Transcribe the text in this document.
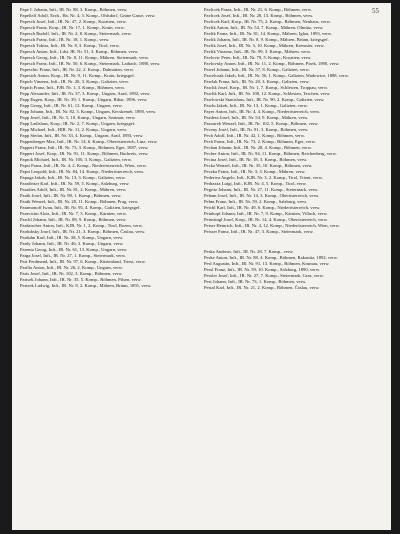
55

Pape I. Johann, Inft., IR. Nr. 88, 3. Komp., Böhmen, verw.

Papeltelf Adolf, Erzh., Ha. Nr. 4, 3. Komp., Ohlsdorf, Grüne Gasse, verw.

Papesch Josef, Inft., IR. Nr. 47, 2. Komp., Kroatien, verw.

Papesch Franz, Korp., IR. Nr. 17, 1. Komp., Krain, verw.

Papesch Rudolf, Inft., IR. Nr. 2, 8. Komp., Steiermark, verw.

Papesch Franz, Inft., IR. Nr. 18, 1. Komp., verw.

Papesch Tobias, Inft., IR. Nr. 8, 3. Komp., Tirol, verw.

Papesch Anton, Inft., Ldst. IR. Nr. 51, 3. Komp., Böhmen, verw.

Papesch Georg, Inft., IR. Nr. 8, 11. Komp., Mähren, Steiermark, verw.

Papesch Franz, Inft., IR. Nr. 50, 6. Komp., Steiermark, Laibach, 1888, verw.

Papeschic Franz, Inft., IR. Nr. 22, 2. Komp., Dalmatien, verw.

Papesich Anton, Korp., IR. Nr. 9, 11. Komp., Krain, kriegsgef.

Papich Vinzenz, Inft., IR. Nr. 20, 3. Komp., Galizien, verw.

Papich Franz, Inft., FJB. Nr. 1, 3. Komp., Böhmen, verw.

Papp Alexander, Inft., IR. Nr. 37, 3. Komp., Ungarn, Arad, 1892, verw.

Papp Eugen, Korp., IR. Nr. 39, 1. Komp., Ungarn, Bihar, 1896, verw.

Papp Georg, Inft., IR. Nr. 61, 12. Komp., Ungarn, verw.

Papp Johann, Inft., IR. Nr. 82, 3. Komp., Ungarn, Kecskemét, 1890, verw.

Papp Josef, Inft., IR. Nr. 5, 10. Komp., Ungarn, Szatmár, verw.

Papp Ladislaus, Korp., IR. Nr. 2, 7. Komp., Ungarn, kriegsgef.

Papp Michael, Inft., HIR. Nr. 11, 2. Komp., Ungarn, verw.

Papp Stefan, Inft., IR. Nr. 33, 4. Komp., Ungarn, Arad, 1893, verw.

Pappenberger Max, Inft., IR. Nr. 14, 6. Komp., Oberösterreich, Linz, verw.

Pappert Franz, Inft., IR. Nr. 73, 3. Komp., Böhmen, Eger, 1887, verw.

Pappert Josef, Korp., IR. Nr. 91, 11. Komp., Böhmen, Budweis, verw.

Paprok Michael, Inft., IR. Nr. 100, 3. Komp., Galizien, verw.

Papst Franz, Inft., IR. Nr. 4, 2. Komp., Niederösterreich, Wien, verw.

Papst Leopold, Inft., IR. Nr. 84, 14. Komp., Niederösterreich, verw.

Papuga Jakob, Inft., IR. Nr. 13, 3. Komp., Galizien, verw.

Paradeiser Karl, Inft., IR. Nr. 59, 5. Komp., Salzburg, verw.

Paradies Adolf, Inft., IR. Nr. 81, 2. Komp., Mähren, verw.

Parák Josef, Inft., IR. Nr. 98, 1. Komp., Böhmen, verw.

Parák Wenzel, Inft., IR. Nr. 28, 11. Komp., Böhmen, Prag, verw.

Paramonoff Iwan, Inft., IR. Nr. 95, 4. Komp., Galizien, kriegsgef.

Paravicini Alois, Inft., IR. Nr. 7, 3. Komp., Kärnten, verw.

Parchl Johann, Inft., IR. Nr. 88, 9. Komp., Böhmen, verw.

Pardatscher Anton, Inft., KJR. Nr. 1, 2. Komp., Tirol, Bozen, verw.

Pardubsky Josef, Inft., IR. Nr. 21, 3. Komp., Böhmen, Časlau, verw.

Parduhn Karl, Inft., IR. Nr. 38, 5. Komp., Ungarn, verw.

Pardy Johann, Inft., IR. Nr. 46, 3. Komp., Ungarn, verw.

Parenta Georg, Inft., IR. Nr. 61, 13. Komp., Ungarn, verw.

Parga Josef, Inft., IR. Nr. 27, 1. Komp., Steiermark, verw.

Pari Ferdinand, Inft., IR. Nr. 97, 6. Komp., Küstenland, Triest, verw.

Parilla Anton, Inft., IR. Nr. 26, 2. Komp., Ungarn, verw.

Paris Josef, Inft., IR. Nr. 102, 3. Komp., Böhmen, verw.

Parisek Johann, Inft., IR. Nr. 35, 5. Komp., Böhmen, Pilsen, verw.

Parizek Ludwig, Inft., IR. Nr. 8, 2. Komp., Mähren, Brünn, 1891, verw.

Pavlicek Franz, Inft., IR. Nr. 21, 6. Komp., Böhmen, verw.

Pavlicek Josef, Inft., IR. Nr. 28, 13. Komp., Böhmen, verw.

Pavlicek Karl, Korp., IR. Nr. 75, 2. Komp., Böhmen, Neuhaus, verw.

Pavlik Anton, Inft., IR. Nr. 54, 7. Komp., Mähren, Olmütz, verw.

Pavlik Franz, Inft., IR. Nr. 81, 14. Komp., Mähren, Iglau, 1893, verw.

Pavlik Johann, Inft., IR. Nr. 8, 9. Komp., Mähren, Brünn, kriegsgef.

Pavlik Josef, Inft., IR. Nr. 3, 10. Komp., Mähren, Kremsier, verw.

Pavlik Vinzenz, Inft., IR. Nr. 99, 3. Komp., Mähren, verw.

Pavlovic Peter, Inft., IR. Nr. 79, 5. Komp., Kroatien, verw.

Pavlovsky Anton, Inft., IR. Nr. 11, 2. Komp., Böhmen, Pisek, 1890, verw.

Pawel Johann, Inft., IR. Nr. 57, 8. Komp., Galizien, verw.

Pawelczak Jakob, Inft., IR. Nr. 56, 1. Komp., Galizien, Wadowice, 1888, verw.

Pawlak Franz, Inft., IR. Nr. 20, 3. Komp., Galizien, verw.

Pawlik Josef, Korp., IR. Nr. 1, 7. Komp., Schlesien, Troppau, verw.

Pawlik Karl, Inft., IR. Nr. 100, 12. Komp., Schlesien, Teschen, verw.

Pawlowski Stanislaus, Inft., IR. Nr. 90, 2. Komp., Galizien, verw.

Pawlu Jakob, Inft., IR. Nr. 13, 1. Komp., Galizien, verw.

Payer Anton, Inft., IR. Nr. 4, 4. Komp., Niederösterreich, verw.

Pazdera Josef, Inft., IR. Nr. 54, 9. Komp., Mähren, verw.

Pazourek Wenzel, Inft., IR. Nr. 102, 5. Komp., Böhmen, verw.

Peceny Josef, Inft., IR. Nr. 91, 3. Komp., Böhmen, verw.

Pech Adolf, Inft., IR. Nr. 42, 1. Komp., Böhmen, verw.

Pech Franz, Inft., IR. Nr. 73, 2. Komp., Böhmen, Eger, verw.

Pechan Johann, Inft., IR. Nr. 28, 4. Komp., Böhmen, verw.

Pecher Anton, Inft., IR. Nr. 94, 11. Komp., Böhmen, Reichenberg, verw.

Pecina Josef, Inft., IR. Nr. 18, 3. Komp., Böhmen, verw.

Pecka Wenzel, Inft., IR. Nr. 35, 10. Komp., Böhmen, verw.

Peczka Franz, Inft., IR. Nr. 3, 3. Komp., Mähren, verw.

Pederiva Angelo, Inft., KJR. Nr. 3, 2. Komp., Tirol, Trient, verw.

Pedrazza Luigi, Inft., KJR. Nr. 4, 5. Komp., Tirol, verw.

Pegritz Johann, Inft., IR. Nr. 27, 11. Komp., Steiermark, verw.

Peham Josef, Inft., IR. Nr. 14, 3. Komp., Oberösterreich, verw.

Pehm Franz, Inft., IR. Nr. 59, 2. Komp., Salzburg, verw.

Peichl Karl, Inft., IR. Nr. 49, 6. Komp., Niederösterreich, verw.

Peinhopf Johann, Inft., IR. Nr. 7, 9. Komp., Kärnten, Villach, verw.

Peinstingl Josef, Korp., IR. Nr. 14, 4. Komp., Oberösterreich, verw.

Peiser Heinrich, Inft., IR. Nr. 4, 12. Komp., Niederösterreich, Wien, verw.

Peisser Franz, Inft., IR. Nr. 47, 3. Komp., Steiermark, verw.

Peska Andreas, Inft., IR. Nr. 28, 7. Komp., verw.

Peske Anton, Inft., IR. Nr. 88, 4. Komp., Böhmen, Rakonitz, 1892, verw.

Pesl Augustin, Inft., IR. Nr. 91, 13. Komp., Böhmen, Krumau, verw.

Pessl Franz, Inft., IR. Nr. 59, 10. Komp., Salzburg, 1890, verw.

Pessler Josef, Inft., IR. Nr. 27, 7. Komp., Steiermark, Graz, verw.

Pest Johann, Inft., IR. Nr. 73, 1. Komp., Böhmen, verw.

Pestal Karl, Inft., IR. Nr. 21, 2. Komp., Böhmen, Časlau, verw.
